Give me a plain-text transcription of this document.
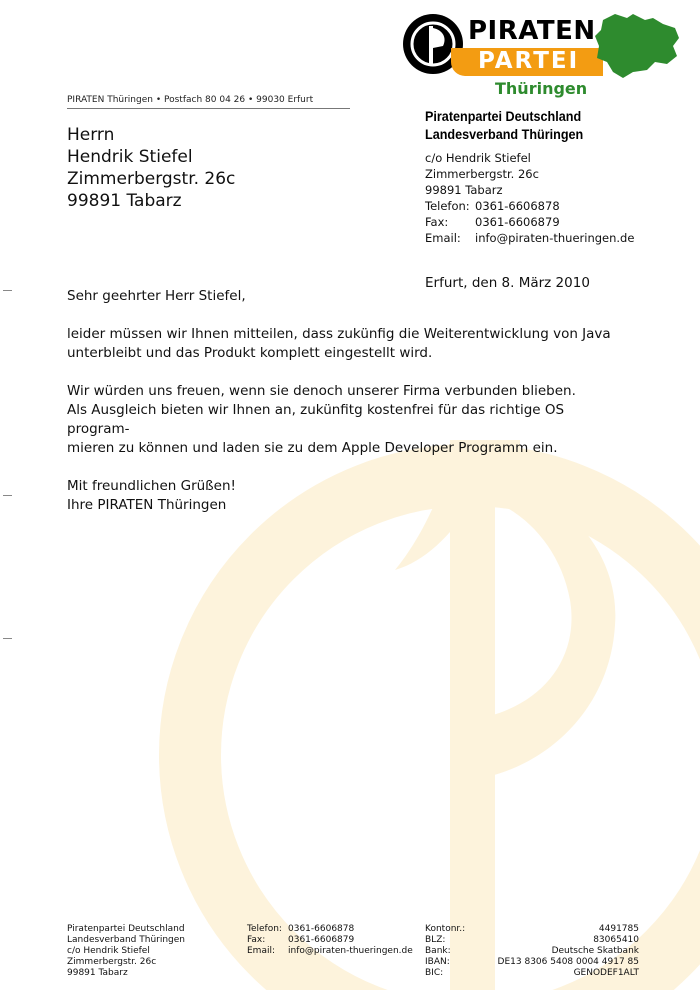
PIRATEN
PARTEI
Thüringen
PIRATEN Thüringen • Postfach 80 04 26 • 99030 Erfurt
Herrn
Hendrik Stiefel
Zimmerbergstr. 26c
99891 Tabarz
Piratenpartei Deutschland
Landesverband Thüringen
c/o Hendrik Stiefel
Zimmerbergstr. 26c
99891 Tabarz
Telefon: 0361-6606878
Fax:	0361-6606879
Email:	info@piraten-thueringen.de
Erfurt, den 8. März 2010

Sehr geehrter Herr Stiefel,

leider müssen wir Ihnen mitteilen, dass zukünfig die Weiterentwicklung von Java
unterbleibt und das Produkt komplett eingestellt wird.

Wir würden uns freuen, wenn sie denoch unserer Firma verbunden blieben.
Als Ausgleich bieten wir Ihnen an, zukünfitg kostenfrei für das richtige OS program-
mieren zu können und laden sie zu dem Apple Developer Programm ein.

Mit freundlichen Grüßen!
Ihre PIRATEN Thüringen

Piratenpartei Deutschland
Landesverband Thüringen
c/o Hendrik Stiefel
Zimmerbergstr. 26c
99891 Tabarz
Telefon: 0361-6606878
Fax:	0361-6606879
Email:	info@piraten-thueringen.de
Kontonr.:	4491785
BLZ:	83065410
Bank:	Deutsche Skatbank
IBAN:	DE13 8306 5408 0004 4917 85
BIC:	GENODEF1ALT
